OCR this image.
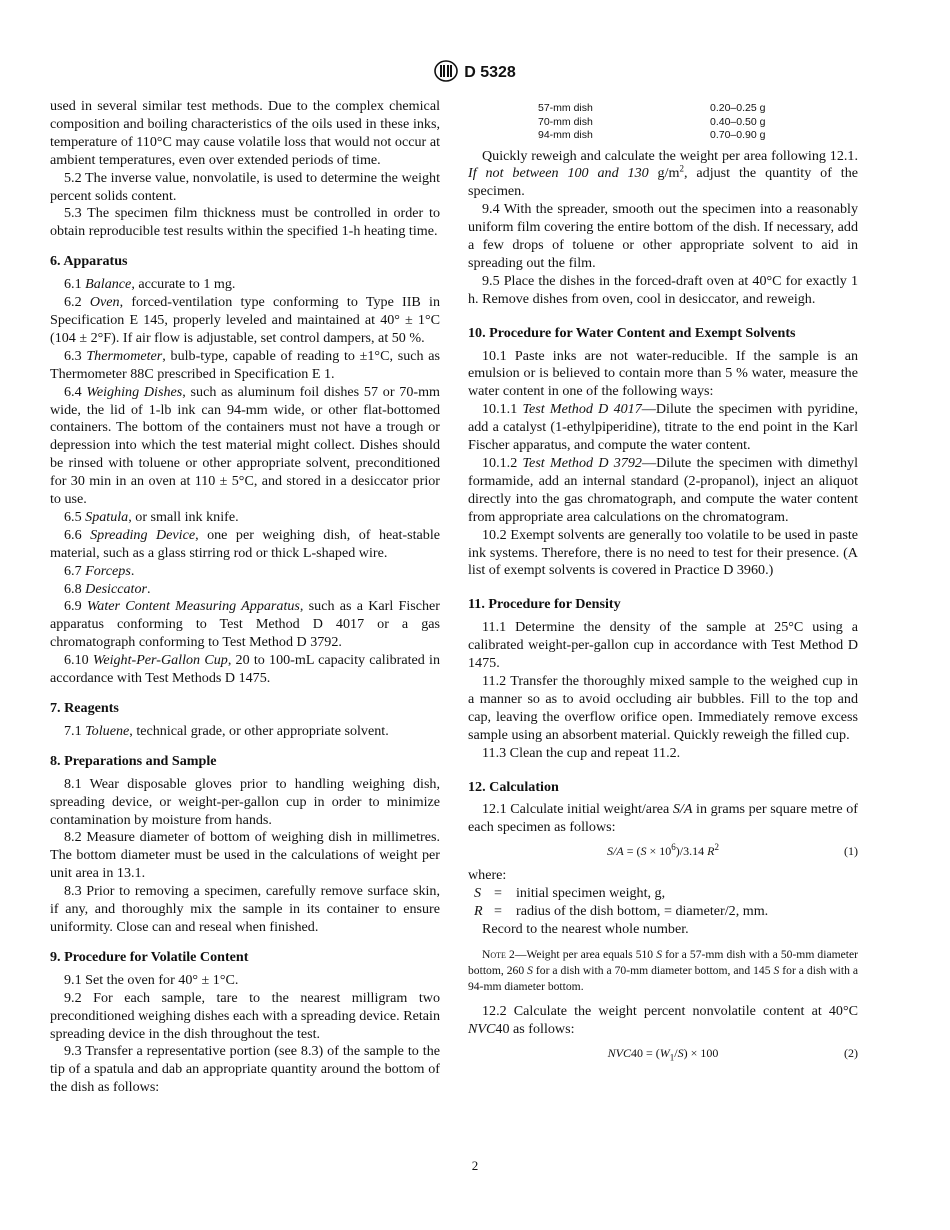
D 5328

used in several similar test methods. Due to the complex chemical composition and boiling characteristics of the oils used in these inks, temperature of 110°C may cause volatile loss that would not occur at ambient temperatures, even over extended periods of time.

5.2 The inverse value, nonvolatile, is used to determine the weight percent solids content.

5.3 The specimen film thickness must be controlled in order to obtain reproducible test results within the specified 1-h heating time.

6. Apparatus

6.1 Balance, accurate to 1 mg.

6.2 Oven, forced-ventilation type conforming to Type IIB in Specification E 145, properly leveled and maintained at 40° ± 1°C (104 ± 2°F). If air flow is adjustable, set control dampers, at 50 %.

6.3 Thermometer, bulb-type, capable of reading to ±1°C, such as Thermometer 88C prescribed in Specification E 1.

6.4 Weighing Dishes, such as aluminum foil dishes 57 or 70-mm wide, the lid of 1-lb ink can 94-mm wide, or other flat-bottomed containers. The bottom of the containers must not have a trough or depression into which the test material might collect. Dishes should be rinsed with toluene or other appropriate solvent, preconditioned for 30 min in an oven at 110 ± 5°C, and stored in a desiccator prior to use.

6.5 Spatula, or small ink knife.

6.6 Spreading Device, one per weighing dish, of heat-stable material, such as a glass stirring rod or thick L-shaped wire.

6.7 Forceps.

6.8 Desiccator.

6.9 Water Content Measuring Apparatus, such as a Karl Fischer apparatus conforming to Test Method D 4017 or a gas chromatograph conforming to Test Method D 3792.

6.10 Weight-Per-Gallon Cup, 20 to 100-mL capacity calibrated in accordance with Test Methods D 1475.

7. Reagents

7.1 Toluene, technical grade, or other appropriate solvent.

8. Preparations and Sample

8.1 Wear disposable gloves prior to handling weighing dish, spreading device, or weight-per-gallon cup in order to minimize contamination by moisture from hands.

8.2 Measure diameter of bottom of weighing dish in millimetres. The bottom diameter must be used in the calculations of weight per unit area in 13.1.

8.3 Prior to removing a specimen, carefully remove surface skin, if any, and thoroughly mix the sample in its container to ensure uniformity. Close can and reseal when finished.

9. Procedure for Volatile Content

9.1 Set the oven for 40° ± 1°C.

9.2 For each sample, tare to the nearest milligram two preconditioned weighing dishes each with a spreading device. Retain spreading device in the dish throughout the test.

9.3 Transfer a representative portion (see 8.3) of the sample to the tip of a spatula and dab an appropriate quantity around the bottom of the dish as follows:

57-mm dish	0.20–0.25 g
70-mm dish	0.40–0.50 g
94-mm dish	0.70–0.90 g

Quickly reweigh and calculate the weight per area following 12.1. If not between 100 and 130 $g/m^2$, adjust the quantity of the specimen.

9.4 With the spreader, smooth out the specimen into a reasonably uniform film covering the entire bottom of the dish. If necessary, add a few drops of toluene or other appropriate solvent to aid in spreading out the film.

9.5 Place the dishes in the forced-draft oven at 40°C for exactly 1 h. Remove dishes from oven, cool in desiccator, and reweigh.

10. Procedure for Water Content and Exempt Solvents

10.1 Paste inks are not water-reducible. If the sample is an emulsion or is believed to contain more than 5 % water, measure the water content in one of the following ways:

10.1.1 Test Method D 4017—Dilute the specimen with pyridine, add a catalyst (1-ethylpiperidine), titrate to the end point in the Karl Fischer apparatus, and compute the water content.

10.1.2 Test Method D 3792—Dilute the specimen with dimethyl formamide, add an internal standard (2-propanol), inject an aliquot directly into the gas chromatograph, and compute the water content from appropriate area calculations on the chromatogram.

10.2 Exempt solvents are generally too volatile to be used in paste ink systems. Therefore, there is no need to test for their presence. (A list of exempt solvents is covered in Practice D 3960.)

11. Procedure for Density

11.1 Determine the density of the sample at 25°C using a calibrated weight-per-gallon cup in accordance with Test Method D 1475.

11.2 Transfer the thoroughly mixed sample to the weighed cup in a manner so as to avoid occluding air bubbles. Fill to the top and cap, leaving the overflow orifice open. Immediately remove excess sample using an absorbent material. Quickly reweigh the filled cup.

11.3 Clean the cup and repeat 11.2.

12. Calculation

12.1 Calculate initial weight/area S/A in grams per square metre of each specimen as follows:

$S/A = (S \times 10^6)/3.14$ $R^2$	(1)
where:
S = initial specimen weight, g,
R = radius of the dish bottom, = diameter/2, mm.

Record to the nearest whole number.

Note 2—Weight per area equals 510 S for a 57-mm dish with a 50-mm diameter bottom, 260 S for a dish with a 70-mm diameter bottom, and 145 S for a dish with a 94-mm diameter bottom.

12.2 Calculate the weight percent nonvolatile content at 40°C NVC40 as follows:

$NVC40 = (W_1/S) \times 100$	(2)
2
